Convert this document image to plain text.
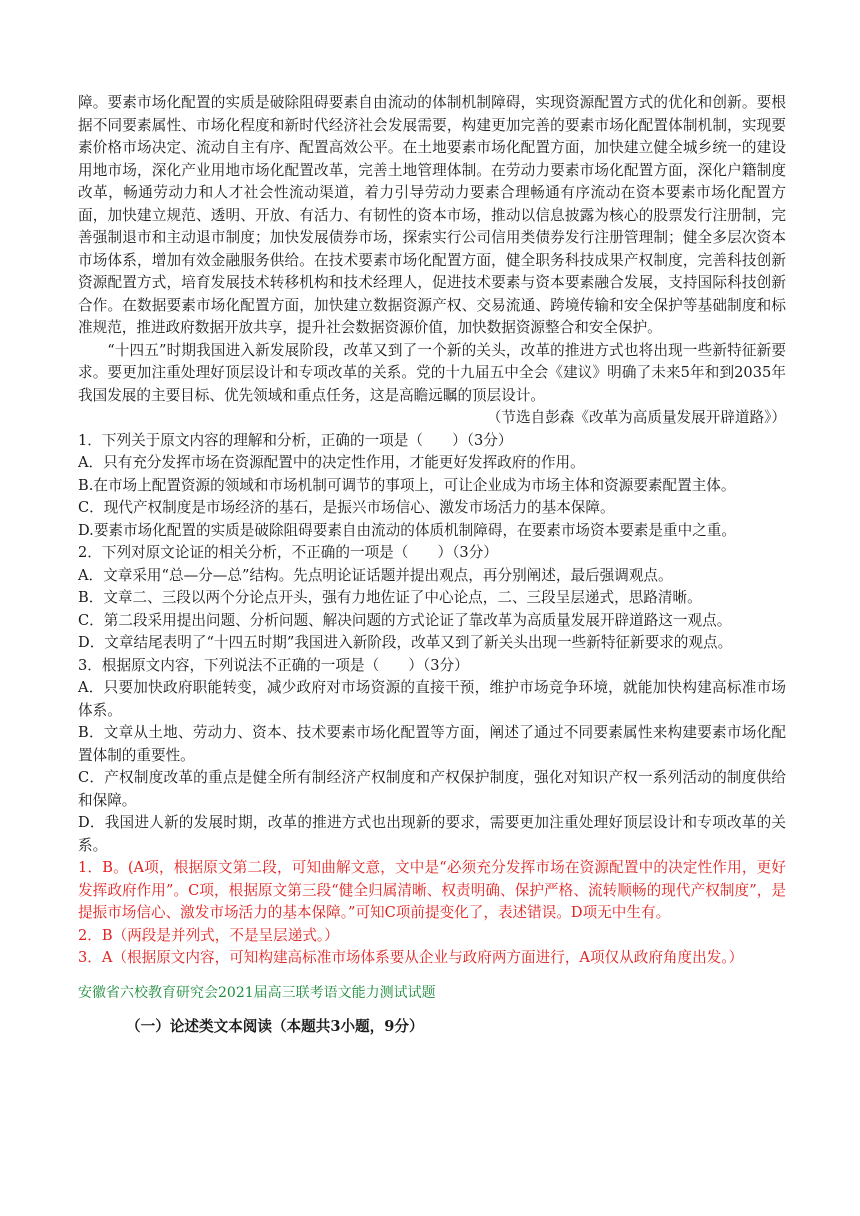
障。要素市场化配置的实质是破除阻碍要素自由流动的体制机制障碍，实现资源配置方式的优化和创新。要根据不同要素属性、市场化程度和新时代经济社会发展需要，构建更加完善的要素市场化配置体制机制，实现要素价格市场决定、流动自主有序、配置高效公平。在土地要素市场化配置方面，加快建立健全城乡统一的建设用地市场，深化产业用地市场化配置改革，完善土地管理体制。在劳动力要素市场化配置方面，深化户籍制度改革，畅通劳动力和人才社会性流动渠道，着力引导劳动力要素合理畅通有序流动在资本要素市场化配置方面，加快建立规范、透明、开放、有活力、有韧性的资本市场，推动以信息披露为核心的股票发行注册制，完善强制退市和主动退市制度；加快发展债券市场，探索实行公司信用类债券发行注册管理制；健全多层次资本市场体系，增加有效金融服务供给。在技术要素市场化配置方面，健全职务科技成果产权制度，完善科技创新资源配置方式，培育发展技术转移机构和技术经理人，促进技术要素与资本要素融合发展，支持国际科技创新合作。在数据要素市场化配置方面，加快建立数据资源产权、交易流通、跨境传输和安全保护等基础制度和标准规范，推进政府数据开放共享，提升社会数据资源价值，加快数据资源整合和安全保护。

“十四五”时期我国进入新发展阶段，改革又到了一个新的关头，改革的推进方式也将出现一些新特征新要求。要更加注重处理好顶层设计和专项改革的关系。党的十九届五中全会《建议》明确了未来5年和到2035年我国发展的主要目标、优先领域和重点任务，这是高瞻远瞩的顶层设计。

（节选自彭森《改革为高质量发展开辟道路》）

1．下列关于原文内容的理解和分析，正确的一项是（　　）（3分）

A．只有充分发挥市场在资源配置中的决定性作用，才能更好发挥政府的作用。

B.在市场上配置资源的领域和市场机制可调节的事项上，可让企业成为市场主体和资源要素配置主体。

C．现代产权制度是市场经济的基石，是振兴市场信心、激发市场活力的基本保障。

D.要素市场化配置的实质是破除阻碍要素自由流动的体质机制障碍，在要素市场资本要素是重中之重。

2．下列对原文论证的相关分析，不正确的一项是（　　）（3分）

A．文章采用“总—分—总”结构。先点明论证话题并提出观点，再分别阐述，最后强调观点。

B．文章二、三段以两个分论点开头，强有力地佐证了中心论点，二、三段呈层递式，思路清晰。

C．第二段采用提出问题、分析问题、解决问题的方式论证了靠改革为高质量发展开辟道路这一观点。

D．文章结尾表明了“十四五时期”我国进入新阶段，改革又到了新关头出现一些新特征新要求的观点。

3．根据原文内容，下列说法不正确的一项是（　　）（3分）

A．只要加快政府职能转变，减少政府对市场资源的直接干预，维护市场竞争环境，就能加快构建高标准市场体系。

B．文章从土地、劳动力、资本、技术要素市场化配置等方面，阐述了通过不同要素属性来构建要素市场化配置体制的重要性。

C．产权制度改革的重点是健全所有制经济产权制度和产权保护制度，强化对知识产权一系列活动的制度供给和保障。

D．我国进人新的发展时期，改革的推进方式也出现新的要求，需要更加注重处理好顶层设计和专项改革的关系。

1．B。(A项，根据原文第二段，可知曲解文意，文中是“必须充分发挥市场在资源配置中的决定性作用，更好发挥政府作用”。C项，根据原文第三段“健全归属清晰、权责明确、保护严格、流转顺畅的现代产权制度”，是提振市场信心、激发市场活力的基本保障。”可知C项前提变化了，表述错误。D项无中生有。

2．B（两段是并列式，不是呈层递式。）

3．A（根据原文内容，可知构建高标准市场体系要从企业与政府两方面进行，A项仅从政府角度出发。）

安徽省六校教育研究会2021届高三联考语文能力测试试题

（一）论述类文本阅读（本题共3小题，9分）
